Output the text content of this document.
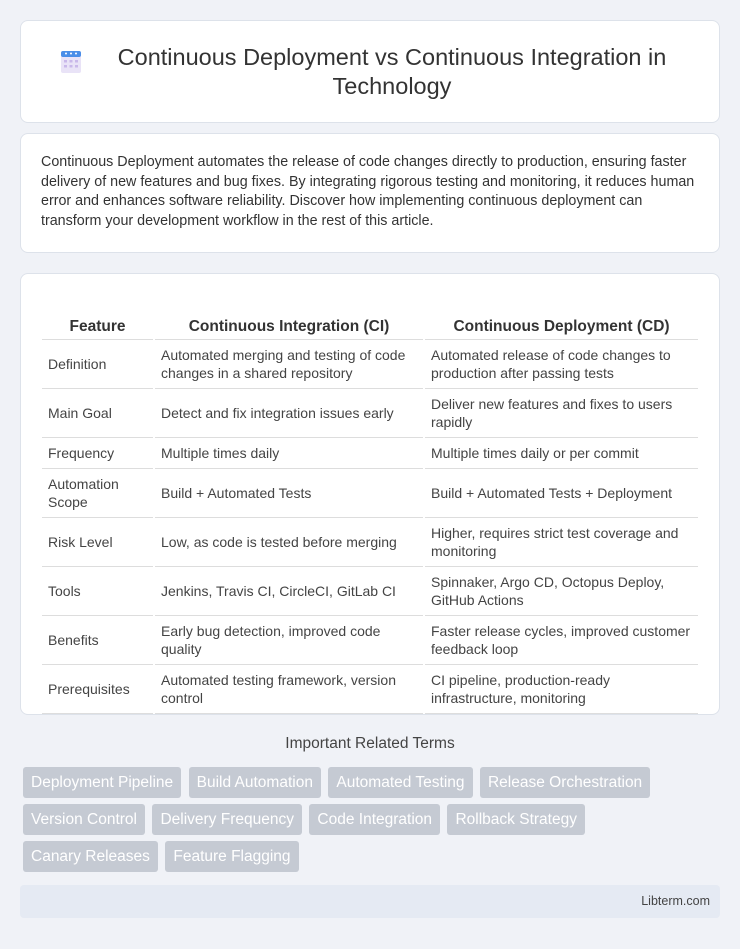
Continuous Deployment vs Continuous Integration in Technology

Continuous Deployment automates the release of code changes directly to production, ensuring faster delivery of new features and bug fixes. By integrating rigorous testing and monitoring, it reduces human error and enhances software reliability. Discover how implementing continuous deployment can transform your development workflow in the rest of this article.

Feature	Continuous Integration (CI)	Continuous Deployment (CD)
Definition	Automated merging and testing of code changes in a shared repository	Automated release of code changes to production after passing tests
Main Goal	Detect and fix integration issues early	Deliver new features and fixes to users rapidly
Frequency	Multiple times daily	Multiple times daily or per commit
Automation Scope	Build + Automated Tests	Build + Automated Tests + Deployment
Risk Level	Low, as code is tested before merging	Higher, requires strict test coverage and monitoring
Tools	Jenkins, Travis CI, CircleCI, GitLab CI	Spinnaker, Argo CD, Octopus Deploy, GitHub Actions
Benefits	Early bug detection, improved code quality	Faster release cycles, improved customer feedback loop
Prerequisites	Automated testing framework, version control	CI pipeline, production-ready infrastructure, monitoring
Important Related Terms
Deployment Pipeline Build Automation Automated Testing Release Orchestration Version Control Delivery Frequency Code Integration Rollback Strategy Canary Releases Feature Flagging
Libterm.com
